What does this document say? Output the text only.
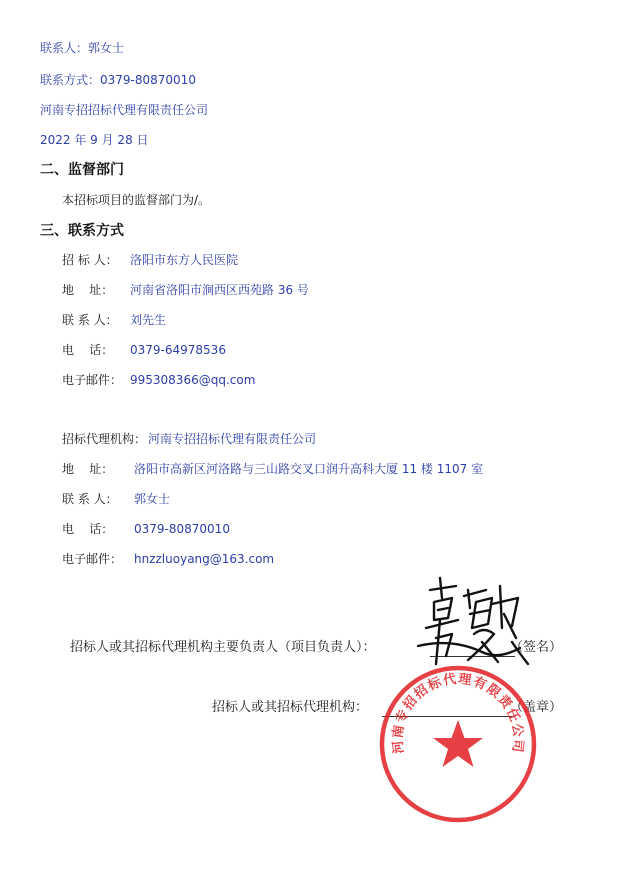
联系人：郭女士
联系方式：0379-80870010
河南专招招标代理有限责任公司
2022 年 9 月 28 日
二、监督部门
本招标项目的监督部门为/。
三、联系方式
招 标 人： 洛阳市东方人民医院
地    址： 河南省洛阳市涧西区西苑路 36 号
联 系 人： 刘先生
电    话： 0379-64978536
电子邮件： 995308366@qq.com
招标代理机构： 河南专招招标代理有限责任公司
地    址： 洛阳市高新区河洛路与三山路交叉口润升高科大厦 11 楼 1107 室
联 系 人： 郭女士
电    话： 0379-80870010
电子邮件： hnzzluoyang@163.com
招标人或其招标代理机构主要负责人（项目负责人）：	（签名）
招标人或其招标代理机构：	（盖章）
河南专招招标代理有限责任公司
